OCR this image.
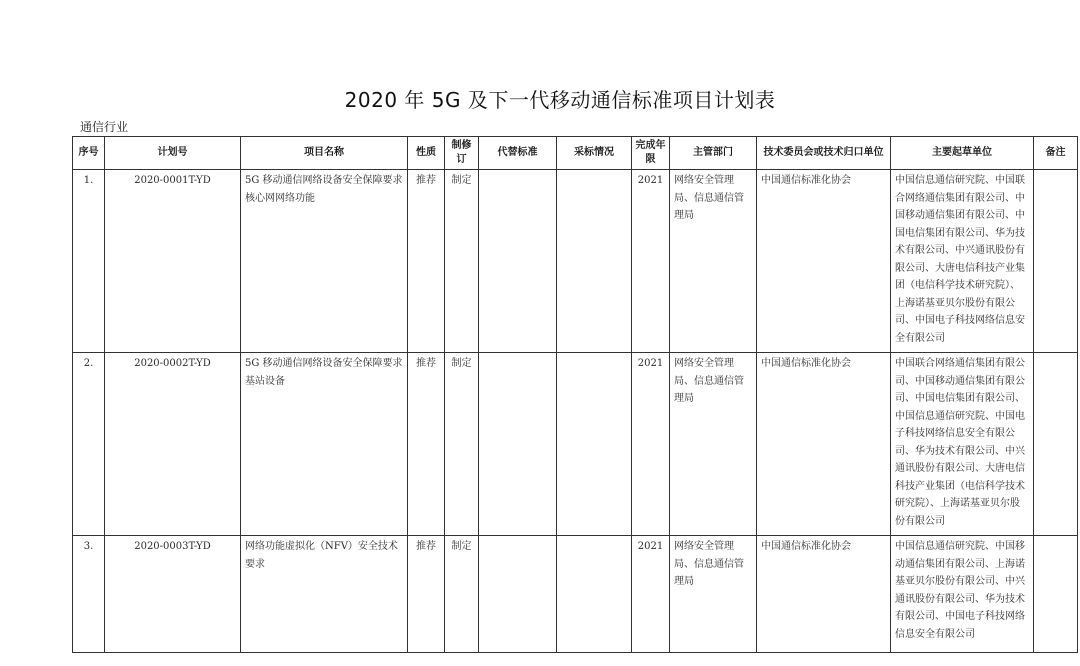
2020 年 5G 及下一代移动通信标准项目计划表
通信行业
序号	计划号	项目名称	性质	制修订	代替标准	采标情况	完成年限	主管部门	技术委员会或技术归口单位	主要起草单位	备注
1.	2020-0001T-YD	5G 移动通信网络设备安全保障要求 核心网网络功能	推荐	制定			2021	网络安全管理局、信息通信管理局	中国通信标准化协会	中国信息通信研究院、中国联合网络通信集团有限公司、中国移动通信集团有限公司、中国电信集团有限公司、华为技术有限公司、中兴通讯股份有限公司、大唐电信科技产业集团（电信科学技术研究院）、上海诺基亚贝尔股份有限公司、中国电子科技网络信息安全有限公司	
2.	2020-0002T-YD	5G 移动通信网络设备安全保障要求 基站设备	推荐	制定			2021	网络安全管理局、信息通信管理局	中国通信标准化协会	中国联合网络通信集团有限公司、中国移动通信集团有限公司、中国电信集团有限公司、中国信息通信研究院、中国电子科技网络信息安全有限公司、华为技术有限公司、中兴通讯股份有限公司、大唐电信科技产业集团（电信科学技术研究院）、上海诺基亚贝尔股份有限公司	
3.	2020-0003T-YD	网络功能虚拟化（NFV）安全技术要求	推荐	制定			2021	网络安全管理局、信息通信管理局	中国通信标准化协会	中国信息通信研究院、中国移动通信集团有限公司、上海诺基亚贝尔股份有限公司、中兴通讯股份有限公司、华为技术有限公司、中国电子科技网络信息安全有限公司	
